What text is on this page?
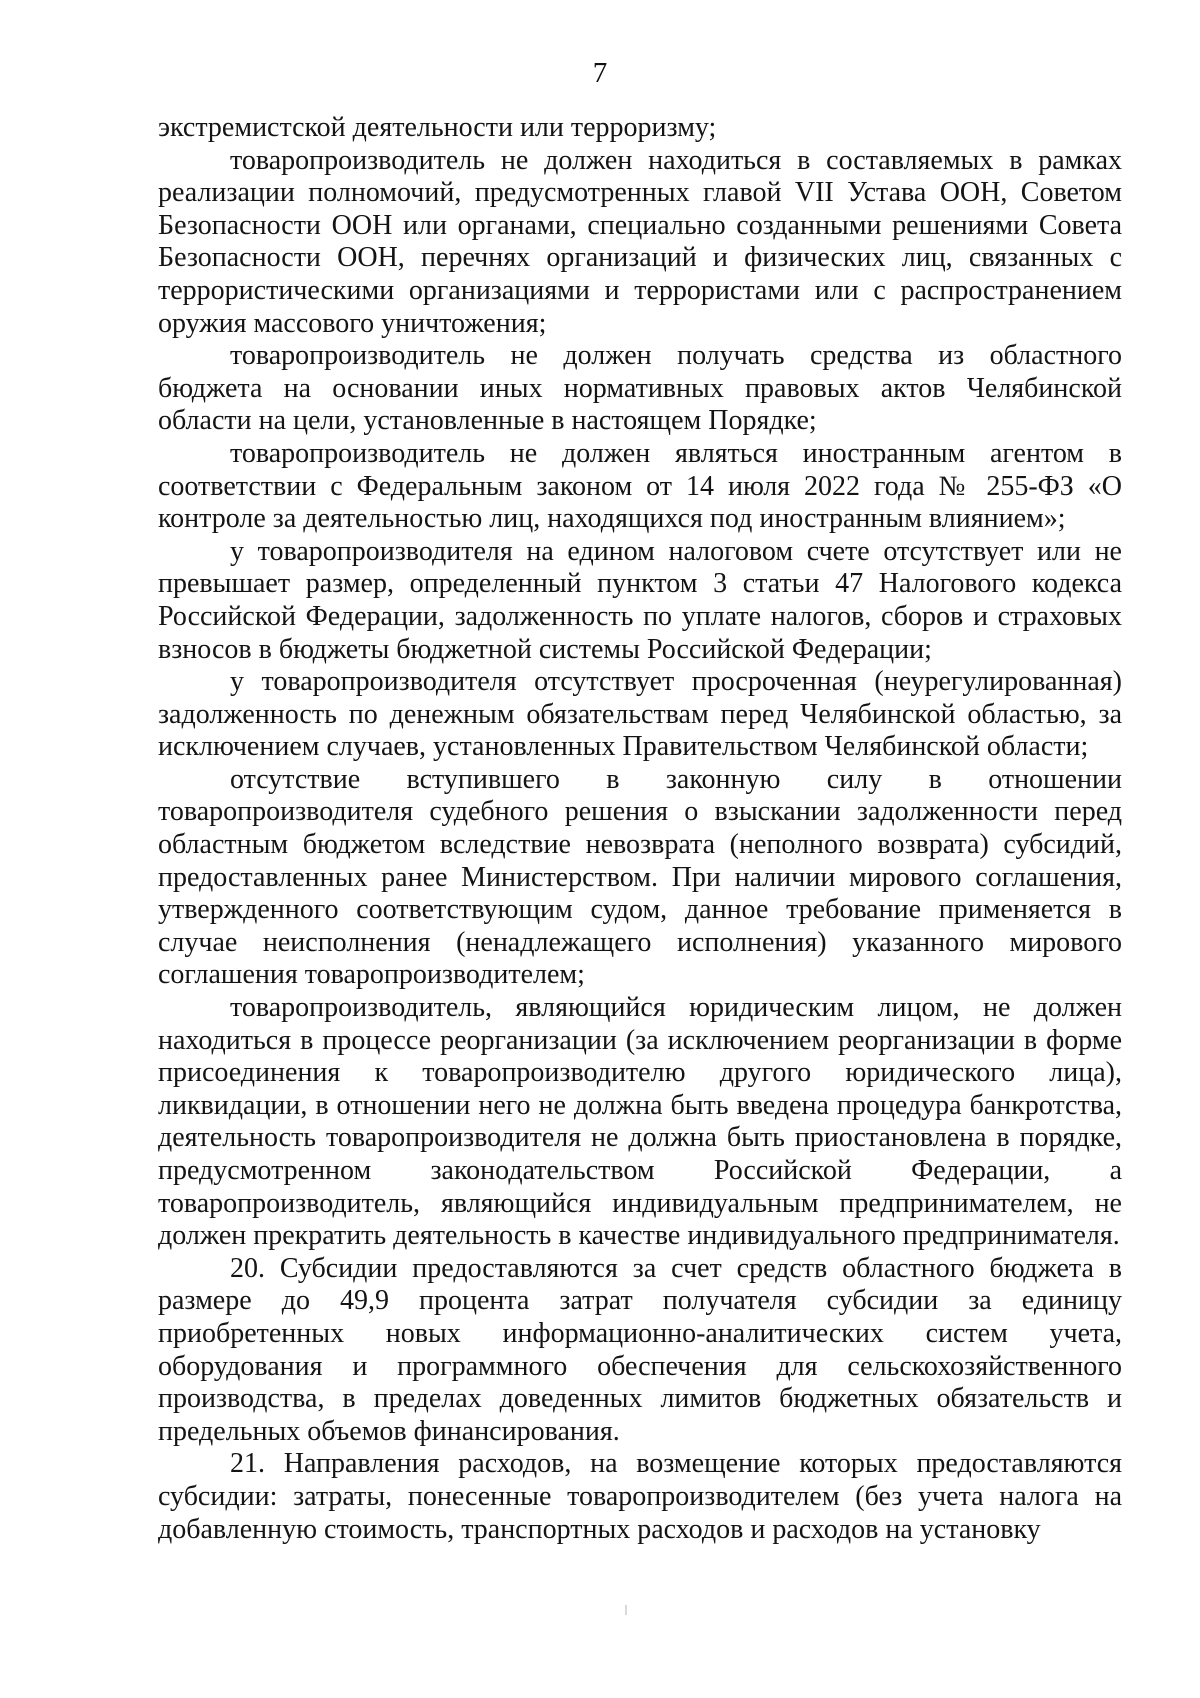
7

экстремистской деятельности или терроризму;

товаропроизводитель не должен находиться в составляемых в рамках реализации полномочий, предусмотренных главой VII Устава ООН, Советом Безопасности ООН или органами, специально созданными решениями Совета Безопасности ООН, перечнях организаций и физических лиц, связанных с террористическими организациями и террористами или с распространением оружия массового уничтожения;

товаропроизводитель не должен получать средства из областного бюджета на основании иных нормативных правовых актов Челябинской области на цели, установленные в настоящем Порядке;

товаропроизводитель не должен являться иностранным агентом в соответствии с Федеральным законом от 14 июля 2022 года № 255-ФЗ «О контроле за деятельностью лиц, находящихся под иностранным влиянием»;

у товаропроизводителя на едином налоговом счете отсутствует или не превышает размер, определенный пунктом 3 статьи 47 Налогового кодекса Российской Федерации, задолженность по уплате налогов, сборов и страховых взносов в бюджеты бюджетной системы Российской Федерации;

у товаропроизводителя отсутствует просроченная (неурегулированная) задолженность по денежным обязательствам перед Челябинской областью, за исключением случаев, установленных Правительством Челябинской области;

отсутствие вступившего в законную силу в отношении товаропроизводителя судебного решения о взыскании задолженности перед областным бюджетом вследствие невозврата (неполного возврата) субсидий, предоставленных ранее Министерством. При наличии мирового соглашения, утвержденного соответствующим судом, данное требование применяется в случае неисполнения (ненадлежащего исполнения) указанного мирового соглашения товаропроизводителем;

товаропроизводитель, являющийся юридическим лицом, не должен находиться в процессе реорганизации (за исключением реорганизации в форме присоединения к товаропроизводителю другого юридического лица), ликвидации, в отношении него не должна быть введена процедура банкротства, деятельность товаропроизводителя не должна быть приостановлена в порядке, предусмотренном законодательством Российской Федерации, а товаропроизводитель, являющийся индивидуальным предпринимателем, не должен прекратить деятельность в качестве индивидуального предпринимателя.

20. Субсидии предоставляются за счет средств областного бюджета в размере до 49,9 процента затрат получателя субсидии за единицу приобретенных новых информационно-аналитических систем учета, оборудования и программного обеспечения для сельскохозяйственного производства, в пределах доведенных лимитов бюджетных обязательств и предельных объемов финансирования.

21. Направления расходов, на возмещение которых предоставляются субсидии: затраты, понесенные товаропроизводителем (без учета налога на добавленную стоимость, транспортных расходов и расходов на установку
